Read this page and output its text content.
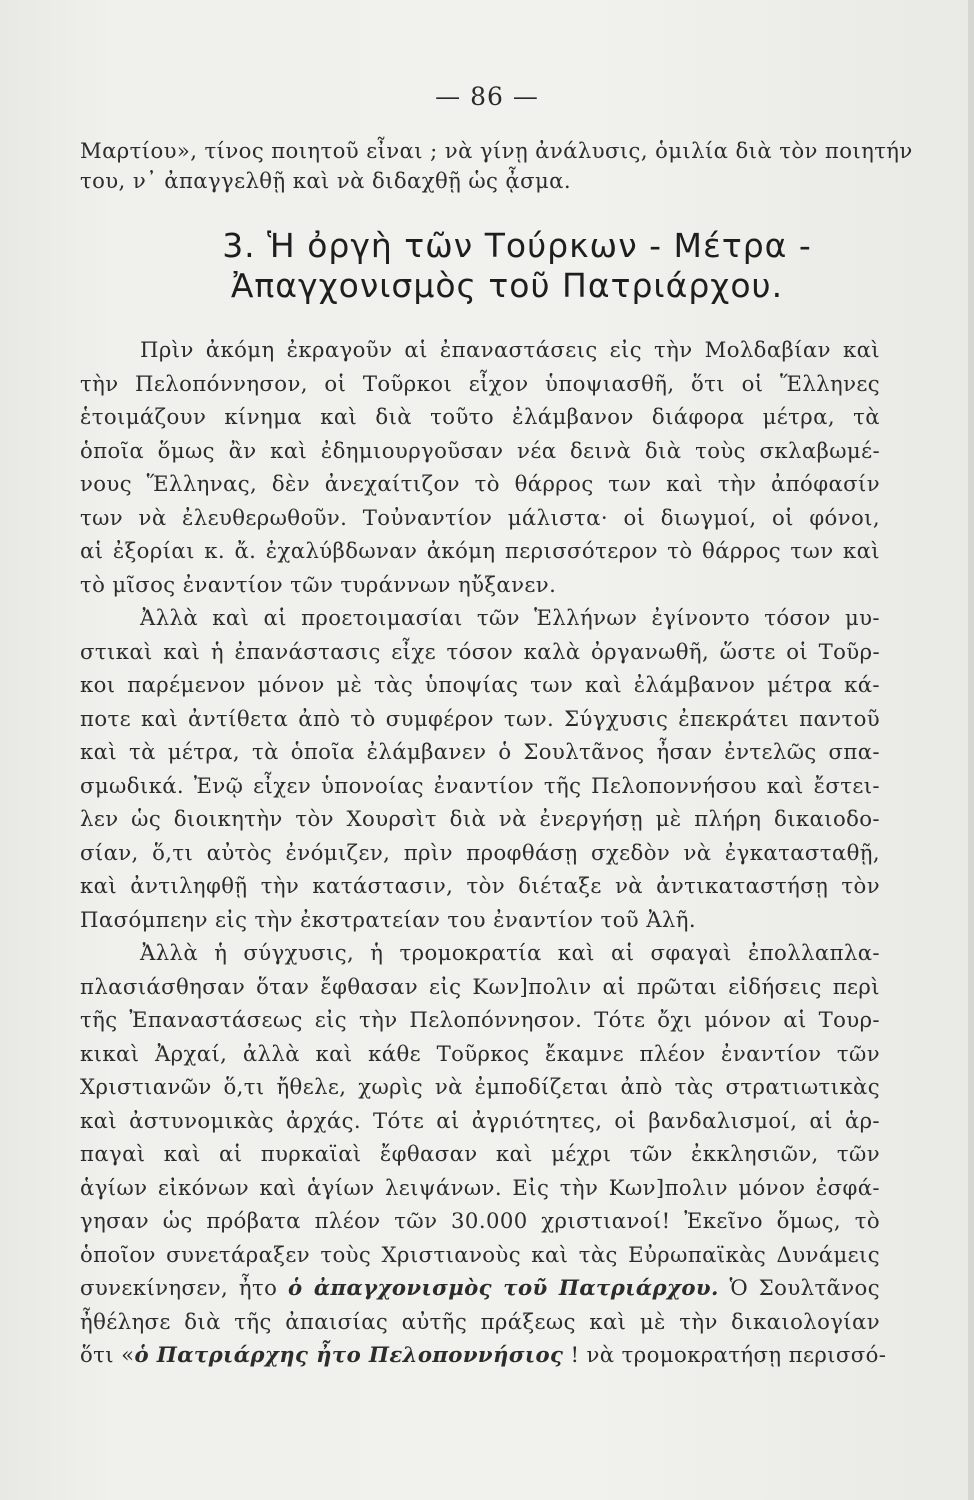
— 86 —
Μαρτίου», τίνος ποιητοῦ εἶναι ; νὰ γίνῃ ἀνάλυσις, ὁμιλία διὰ τὸν ποιητήν
του, ν᾽ ἀπαγγελθῇ καὶ νὰ διδαχθῇ ὡς ᾆσμα.
3. Ἡ ὀργὴ τῶν Τούρκων - Μέτρα -
Ἀπαγχονισμὸς τοῦ Πατριάρχου.
Πρὶν ἀκόμη ἐκραγοῦν αἱ ἐπαναστάσεις εἰς τὴν Μολδαβίαν καὶ
τὴν Πελοπόννησον, οἱ Τοῦρκοι εἶχον ὑποψιασθῆ, ὅτι οἱ Ἕλληνες
ἑτοιμάζουν κίνημα καὶ διὰ τοῦτο ἐλάμβανον διάφορα μέτρα, τὰ
ὁποῖα ὅμως ἂν καὶ ἐδημιουργοῦσαν νέα δεινὰ διὰ τοὺς σκλαβωμέ-
νους Ἕλληνας, δὲν ἀνεχαίτιζον τὸ θάρρος των καὶ τὴν ἀπόφασίν
των νὰ ἐλευθερωθοῦν. Τοὐναντίον μάλιστα· οἱ διωγμοί, οἱ φόνοι,
αἱ ἐξορίαι κ. ἄ. ἐχαλύβδωναν ἀκόμη περισσότερον τὸ θάρρος των καὶ
τὸ μῖσος ἐναντίον τῶν τυράννων ηὔξανεν.
Ἀλλὰ καὶ αἱ προετοιμασίαι τῶν Ἑλλήνων ἐγίνοντο τόσον μυ-
στικαὶ καὶ ἡ ἐπανάστασις εἶχε τόσον καλὰ ὀργανωθῆ, ὥστε οἱ Τοῦρ-
κοι παρέμενον μόνον μὲ τὰς ὑποψίας των καὶ ἐλάμβανον μέτρα κά-
ποτε καὶ ἀντίθετα ἀπὸ τὸ συμφέρον των. Σύγχυσις ἐπεκράτει παντοῦ
καὶ τὰ μέτρα, τὰ ὁποῖα ἐλάμβανεν ὁ Σουλτᾶνος ἦσαν ἐντελῶς σπα-
σμωδικά. Ἐνῷ εἶχεν ὑπονοίας ἐναντίον τῆς Πελοποννήσου καὶ ἔστει-
λεν ὡς διοικητὴν τὸν Χουρσὶτ διὰ νὰ ἐνεργήσῃ μὲ πλήρη δικαιοδο-
σίαν, ὅ,τι αὐτὸς ἐνόμιζεν, πρὶν προφθάσῃ σχεδὸν νὰ ἐγκατασταθῇ,
καὶ ἀντιληφθῇ τὴν κατάστασιν, τὸν διέταξε νὰ ἀντικαταστήσῃ τὸν
Πασόμπεην εἰς τὴν ἐκστρατείαν του ἐναντίον τοῦ Ἀλῆ.
Ἀλλὰ ἡ σύγχυσις, ἡ τρομοκρατία καὶ αἱ σφαγαὶ ἐπολλαπλα-
πλασιάσθησαν ὅταν ἔφθασαν εἰς Κων]πολιν αἱ πρῶται εἰδήσεις περὶ
τῆς Ἐπαναστάσεως εἰς τὴν Πελοπόννησον. Τότε ὄχι μόνον αἱ Τουρ-
κικαὶ Ἀρχαί, ἀλλὰ καὶ κάθε Τοῦρκος ἔκαμνε πλέον ἐναντίον τῶν
Χριστιανῶν ὅ,τι ἤθελε, χωρὶς νὰ ἐμποδίζεται ἀπὸ τὰς στρατιωτικὰς
καὶ ἀστυνομικὰς ἀρχάς. Τότε αἱ ἀγριότητες, οἱ βανδαλισμοί, αἱ ἁρ-
παγαὶ καὶ αἱ πυρκαϊαὶ ἔφθασαν καὶ μέχρι τῶν ἐκκλησιῶν, τῶν
ἁγίων εἰκόνων καὶ ἁγίων λειψάνων. Εἰς τὴν Κων]πολιν μόνον ἐσφά-
γησαν ὡς πρόβατα πλέον τῶν 30.000 χριστιανοί! Ἐκεῖνο ὅμως, τὸ
ὁποῖον συνετάραξεν τοὺς Χριστιανοὺς καὶ τὰς Εὐρωπαϊκὰς Δυνάμεις
συνεκίνησεν, ἦτο ὁ ἀπαγχονισμὸς τοῦ Πατριάρχου. Ὁ Σουλτᾶνος
ἦθέλησε διὰ τῆς ἀπαισίας αὐτῆς πράξεως καὶ μὲ τὴν δικαιολογίαν
ὅτι «ὁ Πατριάρχης ἦτο Πελοποννήσιος ! νὰ τρομοκρατήσῃ περισσό-
